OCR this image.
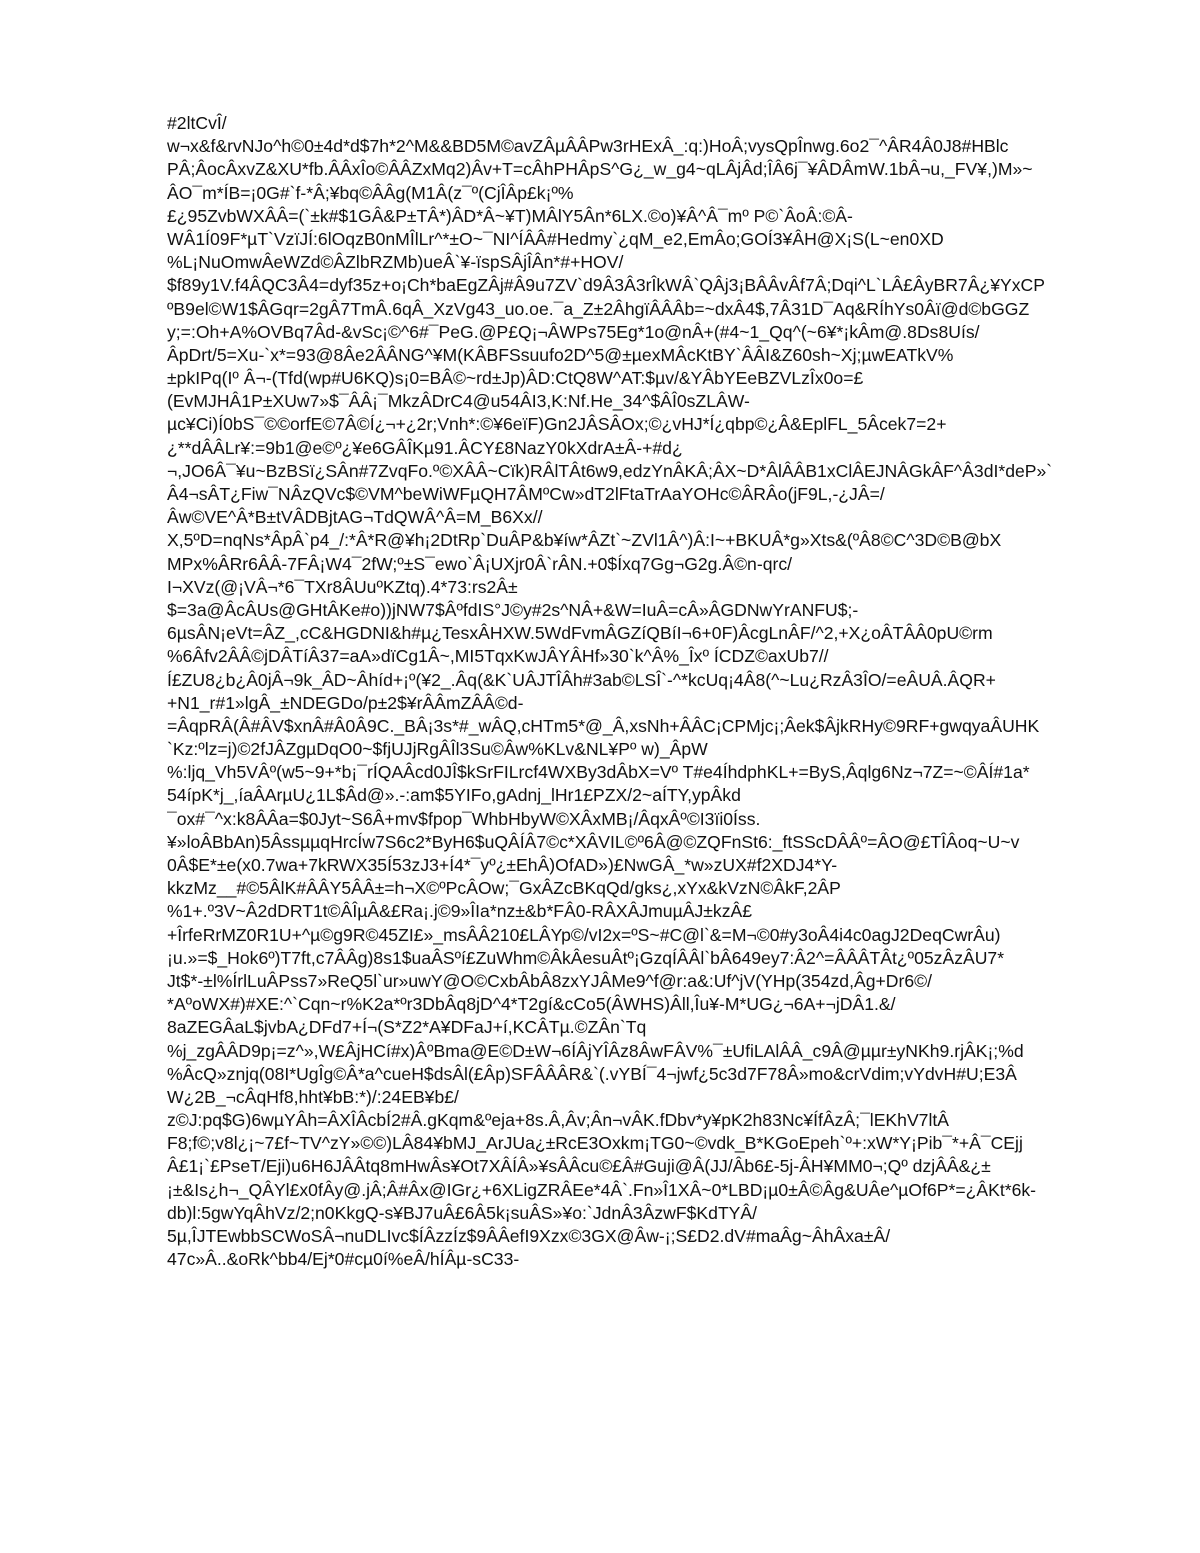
#2ltCvÎ/
w¬x&f&rvNJo^h©0±4d*d$7h*2^M&&BD5M©avZÂµÂÂPw3rHExÂ_:q:)HoÂ;vysQpÎnwg.6o2¯^ÂR4Â0J8#HBlc
PÂ;ÂocÂxvZ&XU*fb.ÂÂxÎo©ÂÂZxMq2)Âv+T=cÂhPHÂpS^G¿_w_g4~qLÂjÂd;ÎÂ6j¯¥ÂDÂmW.1bÂ¬u,_FV¥,)M»~
ÂO¯m*ÍB=¡0G#`f-*Â;¥bq©ÂÂg(M1Â(z¯º(CjÎÂp£k¡º%
£¿95ZvbWXÂÂ=(`±k#$1GÂ&P±TÂ*)ÂD*Â~¥T)MÂlY5Ân*6LX.©o)¥Â^Â¯mº P©`ÂoÂ:©Â-
WÂ1Í09F*µT`VzïJÍ:6lOqzB0nMÎlLr^*±O~¯NI^ÍÂÂ#Hedmy`¿qM_e2,EmÂo;GOÍ3¥ÂH@X¡S(L~en0XD
%L¡NuOmwÂeWZd©ÂZlbRZMb)ueÂ`¥-ïspSÂjÎÂn*#+HOV/
$f89y1V.f4ÂQC3Â4=dyf35z+o¡Ch*baEgZÂj#Â9u7ZV`d9Â3Â3rÎkWÂ`QÂj3¡BÂÂvÂf7Â;Dqi^L`LÂ£ÂyBR7Â¿¥YxCP
ºB9el©W1$ÂGqr=2gÂ7TmÂ.6qÂ_XzVg43_uo.oe.¯a_Z±2ÂhgïÂÂÂb=~dxÂ4$,7Â31D¯Aq&RÍhYs0Âï@d©bGGZ
y;=:Oh+A%OVBq7Âd-&vSc¡©^6#¯PeG.@P£Q¡¬ÂWPs75Eg*1o@nÂ+(#4~1_Qq^(~6¥*¡kÂm@.8Ds8Uís/
ÂpDrt/5=Xu-`x*=93@8Âe2ÂÂNG^¥M(KÂBFSsuufo2D^5@±µexMÂcKtBY`ÂÂI&Z60sh~Xj;µwEATkV%
±pkIPq(Iº Â¬-(Tfd(wp#U6KQ)s¡0=BÂ©~rd±Jp)ÂD:CtQ8W^AT:$µv/&YÂbYEeBZVLzÎx0o=£
(EvMJHÂ1P±XUw7»$¯ÂÂ¡¯MkzÂDrC4@u54ÂI3,K:Nf.He_34^$ÂÎ0sZLÂW-
µc¥Ci)Í0bS¯©©orfE©7Â©Í¿¬+¿2r;Vnh*:©¥6eïF)Gn2JÂSÂOx;©¿vHJ*Í¿qbp©¿Â&EplFL_5Âcek7=2+
¿**dÂÂLr¥:=9b1@e©º¿¥e6GÂÎKµ91.ÂCY£8NazY0kXdrA±Â-+#d¿
¬,JO6Â¯¥u~BzBSï¿SÂn#7ZvqFo.º©XÂÂ~Cïk)RÂlTÂt6w9,edzYnÂKÂ;ÂX~D*ÂlÂÂB1xClÂEJNÂGkÂF^Â3dI*deP»`
Â4¬sÂT¿Fiw¯NÂzQVc$©VM^beWiWFµQH7ÂMºCw»dT2lFtaTrAaYOHc©ÂRÂo(jF9L,-¿JÂ=/
Âw©VE^Â*B±tVÂDBjtAG¬TdQWÂ^Â=M_B6Xx//
X,5ºD=nqNs*ÂpÂ`p4_/:*Â*R@¥h¡2DtRp`DuÂP&b¥íw*ÂZt`~ZVl1Â^)Â:I~+BKUÂ*g»Xts&(ºÂ8©C^3D©B@bX
MPx%ÂRr6ÂÂ-7FÂ¡W4¯2fW;º±S¯ewo`Â¡UXjr0Â`rÂN.+0$Íxq7Gg¬G2g.Â©n-qrc/
I¬XVz(@¡VÂ¬*6¯TXr8ÂUuºKZtq).4*73:rs2Â±
$=3a@ÂcÂUs@GHtÂKe#o))jNW7$ÂºfdIS°J©y#2s^NÂ+&W=IuÂ=cÂ»ÂGDNwYrANFU$;-
6µsÂN¡eVt=ÂZ_,cC&HGDNI&h#µ¿TesxÂHXW.5WdFvmÂGZíQBíI¬6+0F)ÂcgLnÂF/^2,+X¿oÂTÂÂ0pU©rm
%6Âfv2ÂÂ©jDÂTíÂ37=aA»dïCg1Â~,MI5TqxKwJÂYÂHf»30`k^Â%_Îxº ÍCDZ©axUb7//
Í£ZU8¿b¿Â0jÂ¬9k_ÂD~Âhíd+¡º(¥2_.Âq(&K`UÂJTÎÂh#3ab©LSÎ`-^*kcUq¡4Â8(^~Lu¿RzÂ3ÎO/=eÂUÂ.ÂQR+
+N1_r#1»lgÂ_±NDEGDo/p±2$¥rÂÂmZÂÂ©d-
=ÂqpRÂ(Â#ÂV$xnÂ#Â0Â9C._BÂ¡3s*#_wÂQ,cHTm5*@_Â,xsNh+ÂÂC¡CPMjc¡;Âek$ÂjkRHy©9RF+gwqyaÂUHK
`Kz:ºlz=j)©2fJÂZgµDqO0~$fjUJjRgÂÎl3Su©Âw%KLv&NL¥Pº w)_ÂpW
%:ljq_Vh5VÂº(w5~9+*b¡¯rÍQAÂcd0JÎ$kSrFILrcf4WXBy3dÂbX=Vº T#e4ÍhdphKL+=ByS,Âqlg6Nz¬7Z=~©ÂÍ#1a*
54ípK*j_,íaÂArµU¿1L$Âd@».-:am$5YIFo,gAdnj_lHr1£PZX/2~aÍTY,ypÂkd
¯ox#¯^x:k8ÂÂa=$0Jyt~S6Â+mv$fpop¯WhbHbyW©XÂxMB¡/ÂqxÂº©I3ïi0Íss.
¥»loÂBbAn)5ÂssµµqHrcÍw7S6c2*ByH6$uQÂÍÂ7©c*XÂVIL©º6Â@©ZQFnSt6:_ftSScDÂÂº=ÂO@£TÎÂoq~U~v
0Â$E*±e(x0.7wa+7kRWX35Í53zJ3+Í4*¯yº¿±EhÂ)OfAD»)£NwGÂ_*w»zUX#f2XDJ4*Y-
kkzMz__#©5ÂlK#ÂÂY5ÂÂ±=h¬X©ºPcÂOw;¯GxÂZcBKqQd/gks¿,xYx&kVzN©ÂkF,2ÂP
%1+.º3V~Â2dDRT1t©ÂÎµÂ&£Ra¡.j©9»ÎIa*nz±&b*FÂ0-RÂXÂJmuµÂJ±kzÂ£
+ÎrfeRrMZ0R1U+^µ©g9R©45ZI£»_msÂÂ210£LÂYp©/vI2x=ºS~#C@l`&=M¬©0#y3oÂ4i4c0agJ2DeqCwrÂu)
¡u.»=$_Hok6º)T7ft,c7ÂÂg)8s1$uaÂSºí£ZuWhm©ÂkÂesuÂtº¡GzqÍÂÂl`bÂ649ey7:Â2^=ÂÂÂTÂt¿º05zÂzÂU7*
Jt$*-±l%ÍrlLuÂPss7»ReQ5l`ur»uwY@O©CxbÂbÂ8zxYJÂMe9^f@r:a&:Uf^jV(YHp(354zd,Âg+Dr6©/
*AºoWX#)#XE:^`Cqn~r%K2a*ºr3DbÂq8jD^4*T2gí&cCo5(ÂWHS)Âll,Îu¥-M*UG¿¬6A+¬jDÂ1.&/
8aZEGÂaL$jvbA¿DFd7+Í¬(S*Z2*A¥DFaJ+í,KCÂTµ.©ZÂn`Tq
%j_zgÂÂD9p¡=z^»,W£ÂjHCí#x)ÂºBma@E©D±W¬6ÍÂjYÎÂz8ÂwFÂV%¯±UfiLAlÂÂ_c9Â@µµr±yNKh9.rjÂK¡;%d
%ÂcQ»znjq(08I*UgÎg©Â*a^cueH$dsÂl(£Âp)SFÂÂÂR&`(.vYBÍ¯4¬jwf¿5c3d7F78Â»mo&crVdim;vYdvH#U;E3Â
W¿2B_¬cÂqHf8,hht¥bB:*)/:24EB¥b£/
z©J:pq$G)6wµYÂh=ÂXÎÂcbÍ2#Â.gKqm&ºeja+8s.Â,Âv;Ân¬vÂK.fDbv*y¥pK2h83Nc¥ÍfÂzÂ;¯lEKhV7ltÂ
F8;f©;v8l¿¡~7£f~TV^zY»©©)LÂ84¥bMJ_ArJUa¿±RcE3Oxkm¡TG0~©vdk_B*KGoEpeh`º+:xW*Y¡Pib¯*+Â¯CEjj
Â£1¡`£PseT/Eji)u6H6JÂÂtq8mHwÂs¥Ot7XÂÍÂ»¥sÂÂcu©£Â#Guji@Â(JJ/Âb6£-5j-ÂH¥MM0¬;Qº dzjÂÂ&¿±
¡±&Is¿h¬_QÂYl£x0fÂy@.jÂ;Â#Âx@IGr¿+6XLigZRÂEe*4Â`.Fn»Î1XÂ~0*LBD¡µ0±Â©Âg&UÂe^µOf6P*=¿ÂKt*6k-
db)l:5gwYqÂhVz/2;n0KkgQ-s¥BJ7uÂ£6Â5k¡suÂS»¥o:`JdnÂ3ÂzwF$KdTYÂ/
5µ,ÎJTEwbbSCWoSÂ¬nuDLIvc$ÍÂzzÍz$9ÂÂefI9Xzx©3GX@Âw-¡;S£D2.dV#maÂg~ÂhÂxa±Â/
47c»Â..&oRk^bb4/Ej*0#cµ0í%eÂ/hÍÂµ-sC33-
